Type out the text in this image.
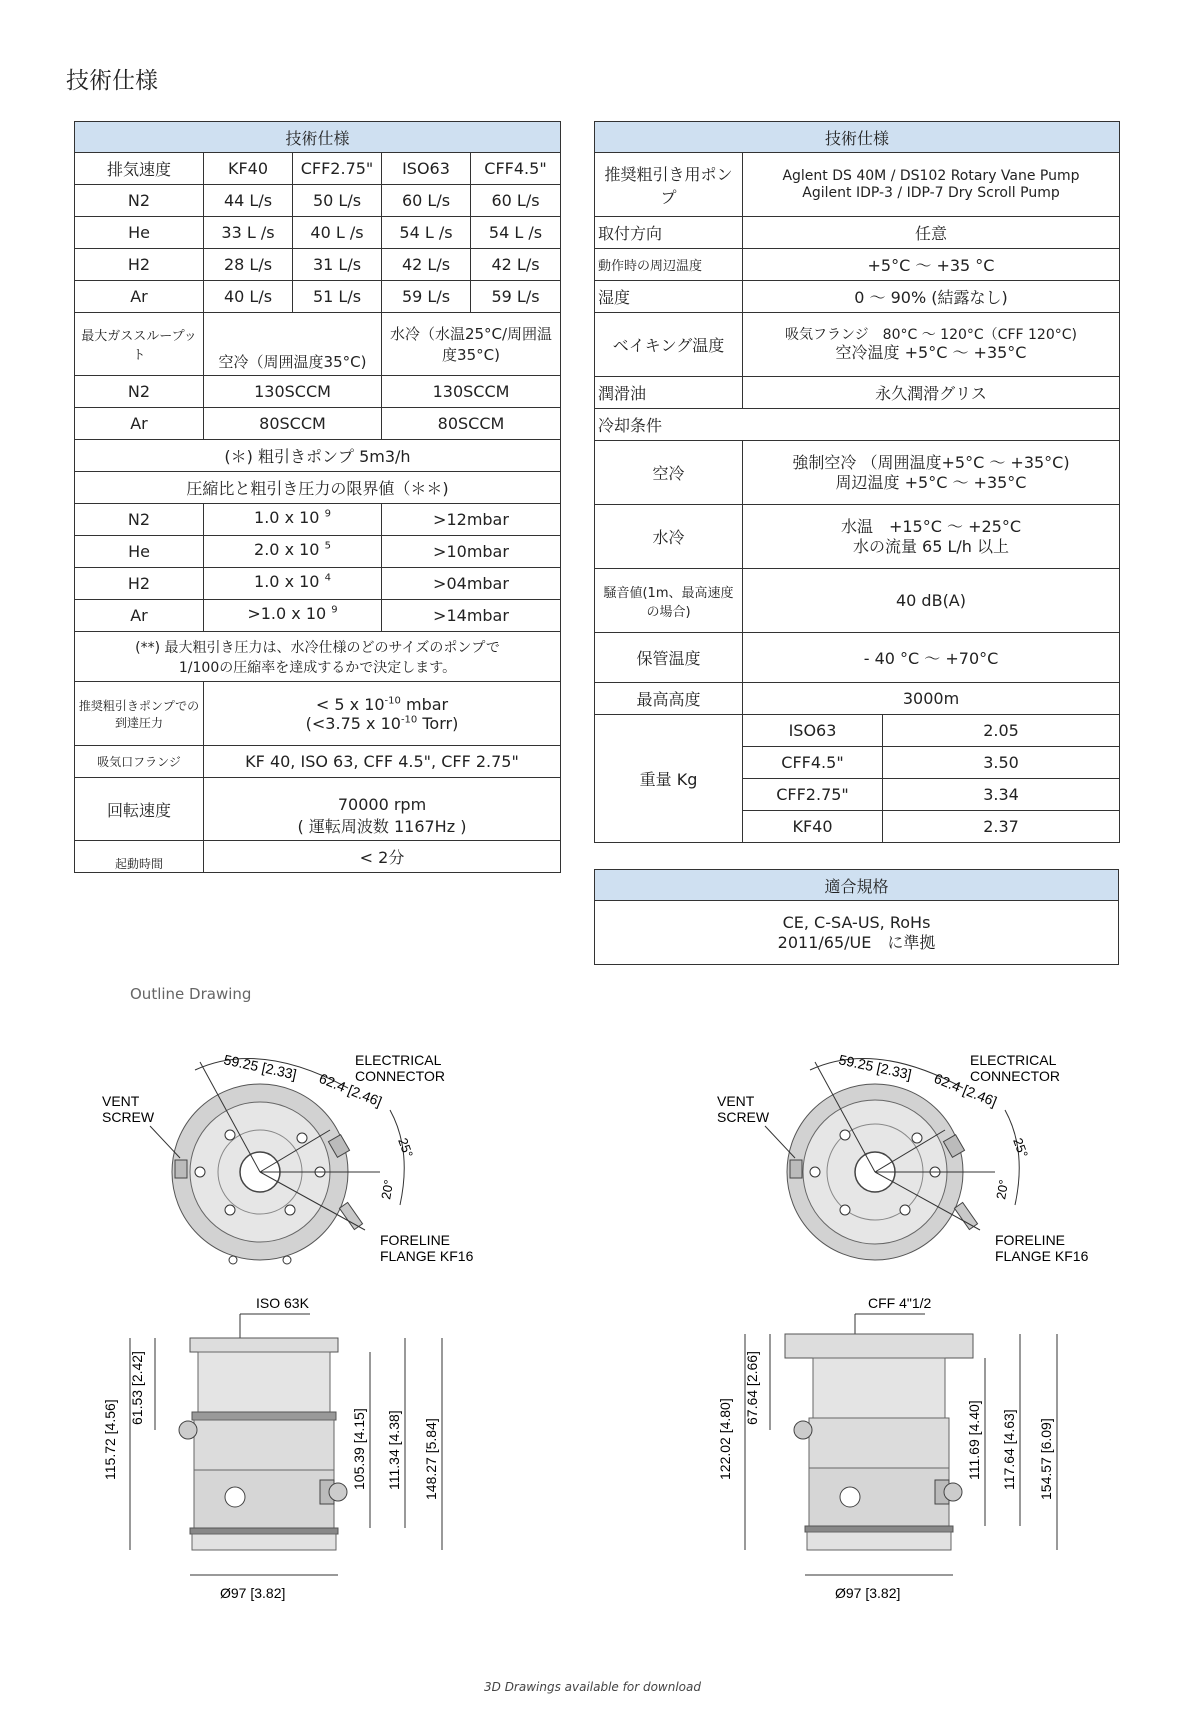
技術仕様
技術仕様				
排気速度	KF40	CFF2.75"	ISO63	CFF4.5"
N2	44 L/s	50 L/s	60 L/s	60 L/s
He	33 L /s	40 L /s	54 L /s	54 L /s
H2	28 L/s	31 L/s	42 L/s	42 L/s
Ar	40 L/s	51 L/s	59 L/s	59 L/s
最大ガススループット	空冷（周囲温度35°C)		水冷（水温25°C/周囲温度35°C)	
N2	130SCCM		130SCCM	
Ar	80SCCM		80SCCM	
(＊) 粗引きポンプ 5m3/h				
圧縮比と粗引き圧力の限界値（＊＊)				
N2	1.0 x 10 $^9$		>12mbar	
He	2.0 x 10 $^5$		>10mbar	
H2	1.0 x 10 $^4$		>04mbar	
Ar	>1.0 x 10 $^9$		>14mbar	

(**) 最大粗引き圧力は、水冷仕様のどのサイズのポンプで
1/100の圧縮率を達成するかで決定します。				

推奨粗引きポンプでの到達圧力	< 5 x $10^{-10}$ mbar
(<3.75 x $10^{-10}$ Torr)			

吸気口フランジ	KF 40, ISO 63, CFF 4.5", CFF 2.75"			
回転速度	70000 rpm
( 運転周波数 1167Hz )			

起動時間	< 2分			
技術仕様		
推奨粗引き用ポンプ	Aglent DS 40M / DS102 Rotary Vane Pump
Agilent IDP-3 / IDP-7 Dry Scroll Pump	

取付方向	任意	
動作時の周辺温度	+5°C 〜 +35 °C	
湿度	0 〜 90% (結露なし)	
ベイキング温度	吸気フランジ　80°C 〜 120°C（CFF 120°C)
空冷温度 +5°C 〜 +35°C	

潤滑油	永久潤滑グリス	
冷却条件		
空冷	強制空冷 （周囲温度+5°C 〜 +35°C)
周辺温度 +5°C 〜 +35°C	

水冷	水温　+15°C 〜 +25°C
水の流量 65 L/h 以上	

騒音値(1m、最高速度の場合)	40 dB(A)	
保管温度	- 40 °C 〜 +70°C	
最高高度	3000m	
重量 Kg	ISO63	2.05
	CFF4.5"	3.50
	CFF2.75"	3.34
	KF40	2.37
適合規格

CE, C-SA-US, RoHs
2011/65/UE　に準拠
Outline Drawing
59.25 [2.33]
62.4 [2.46]
25°
20°
ELECTRICAL
CONNECTOR
VENT
SCREW
FORELINE
FLANGE KF16
59.25 [2.33]
62.4 [2.46]
25°
20°
ELECTRICAL
CONNECTOR
VENT
SCREW
FORELINE
FLANGE KF16
ISO 63K
115.72 [4.56]
61.53 [2.42]
105.39 [4.15] 111.34 [4.38] 148.27 [5.84]
Ø97 [3.82]
CFF 4"1/2
122.02 [4.80]
67.64 [2.66]
111.69 [4.40] 117.64 [4.63] 154.57 [6.09]
Ø97 [3.82]
3D Drawings available for download
